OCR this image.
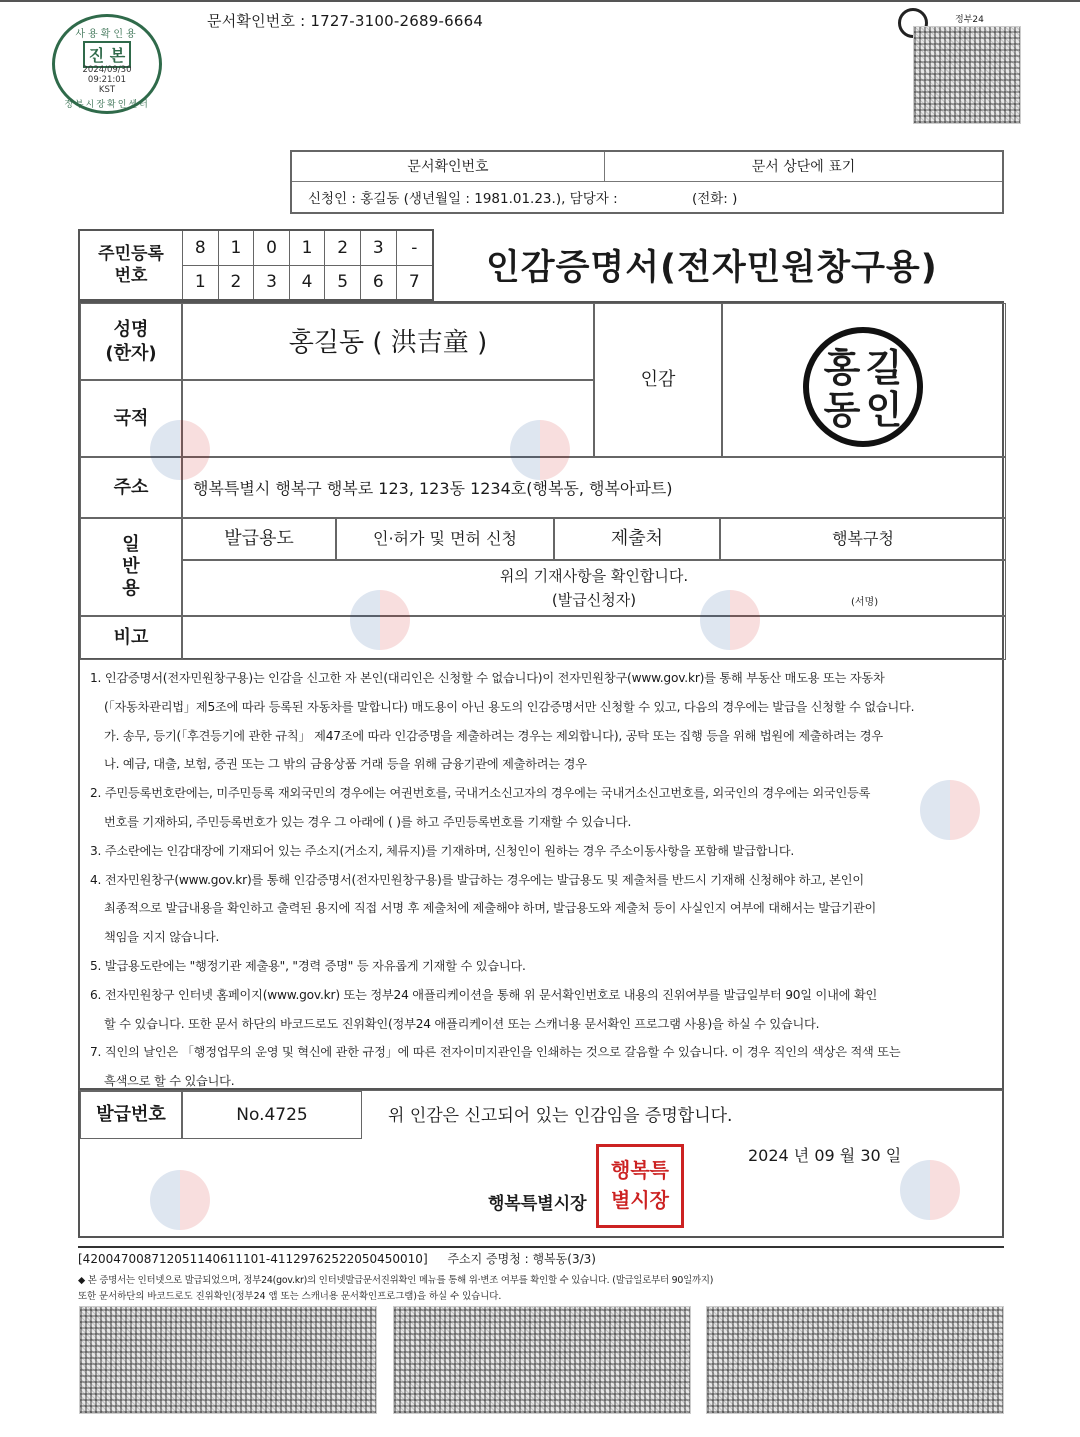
사용확인용
진 본
2024/09/30
09:21:01
KST
정부시장확인센터
문서확인번호 : 1727-3100-2689-6664	정부24
문서확인번호	문서 상단에 표기
신청인 : 홍길동 (생년월일 : 1981.01.23.), 담당자 :	(전화: )
주민등록
번호	8	1	0	1	2	3	-
	1	2	3	4	5	6	7 인감증명서(전자민원창구용)
성명
(한자)	홍길동 ( 洪吉童 )
인감
국적
주소	행복특별시 행복구 행복로 123, 123동 1234호(행복동, 행복아파트)
일
반
용
발급용도	인·허가 및 면허 신청	제출처	행복구청
위의 기재사항을 확인합니다.
(발급신청자)	(서명)
비고
홍 길
동 인

1. 인감증명서(전자민원창구용)는 인감을 신고한 자 본인(대리인은 신청할 수 없습니다)이 전자민원창구(www.gov.kr)를 통해 부동산 매도용 또는 자동차

(「자동차관리법」제5조에 따라 등록된 자동차를 말합니다) 매도용이 아닌 용도의 인감증명서만 신청할 수 있고, 다음의 경우에는 발급을 신청할 수 없습니다.

가. 송무, 등기(「후견등기에 관한 규칙」 제47조에 따라 인감증명을 제출하려는 경우는 제외합니다), 공탁 또는 집행 등을 위해 법원에 제출하려는 경우

나. 예금, 대출, 보험, 증권 또는 그 밖의 금융상품 거래 등을 위해 금융기관에 제출하려는 경우

2. 주민등록번호란에는, 미주민등록 재외국민의 경우에는 여권번호를, 국내거소신고자의 경우에는 국내거소신고번호를, 외국인의 경우에는 외국인등록

번호를 기재하되, 주민등록번호가 있는 경우 그 아래에 ( )를 하고 주민등록번호를 기재할 수 있습니다.

3. 주소란에는 인감대장에 기재되어 있는 주소지(거소지, 체류지)를 기재하며, 신청인이 원하는 경우 주소이동사항을 포함해 발급합니다.

4. 전자민원창구(www.gov.kr)를 통해 인감증명서(전자민원창구용)를 발급하는 경우에는 발급용도 및 제출처를 반드시 기재해 신청해야 하고, 본인이

최종적으로 발급내용을 확인하고 출력된 용지에 직접 서명 후 제출처에 제출해야 하며, 발급용도와 제출처 등이 사실인지 여부에 대해서는 발급기관이

책임을 지지 않습니다.

5. 발급용도란에는 "행정기관 제출용", "경력 증명" 등 자유롭게 기재할 수 있습니다.

6. 전자민원창구 인터넷 홈페이지(www.gov.kr) 또는 정부24 애플리케이션을 통해 위 문서확인번호로 내용의 진위여부를 발급일부터 90일 이내에 확인

할 수 있습니다. 또한 문서 하단의 바코드로도 진위확인(정부24 애플리케이션 또는 스캐너용 문서확인 프로그램 사용)을 하실 수 있습니다.

7. 직인의 날인은 「행정업무의 운영 및 혁신에 관한 규정」에 따른 전자이미지관인을 인쇄하는 것으로 갈음할 수 있습니다. 이 경우 직인의 색상은 적색 또는

흑색으로 할 수 있습니다.

발급번호	No.4725	위 인감은 신고되어 있는 인감임을 증명합니다.
2024 년 09 월 30 일
행복특별시장
행복특
별시장
[420047008712051140611101-41129762522050450010] 주소지 증명청 : 행복동(3/3)
◆ 본 증명서는 인터넷으로 발급되었으며, 정부24(gov.kr)의 인터넷발급문서진위확인 메뉴를 통해 위·변조 여부를 확인할 수 있습니다. (발급일로부터 90일까지)
또한 문서하단의 바코드로도 진위확인(정부24 앱 또는 스캐너용 문서확인프로그램)을 하실 수 있습니다.
